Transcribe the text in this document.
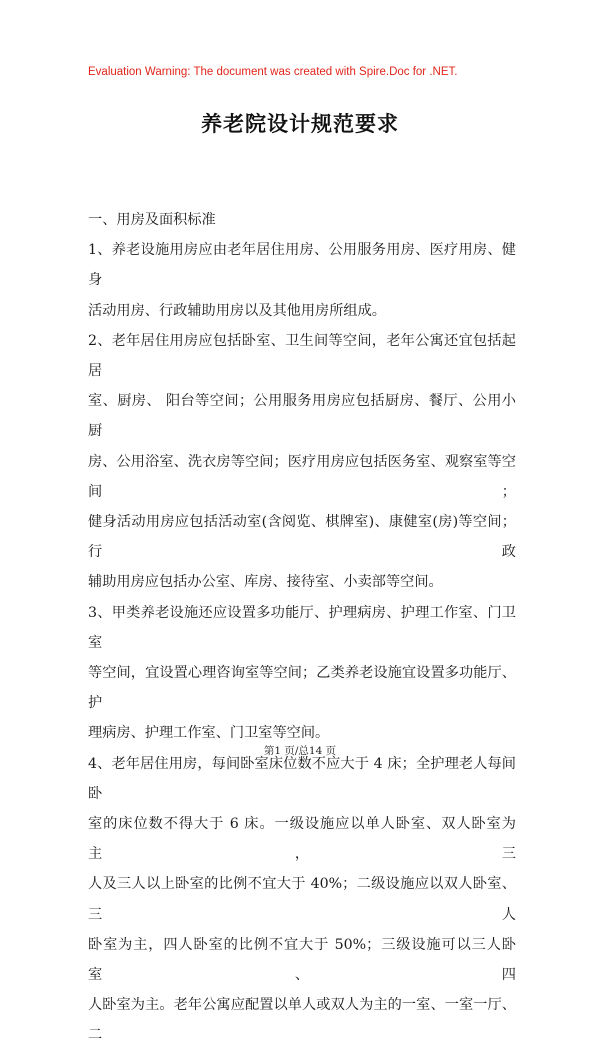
Evaluation Warning: The document was created with Spire.Doc for .NET.
养老院设计规范要求

一、用房及面积标准

1、养老设施用房应由老年居住用房、公用服务用房、医疗用房、健身

活动用房、行政辅助用房以及其他用房所组成。

2、老年居住用房应包括卧室、卫生间等空间，老年公寓还宜包括起居

室、厨房、 阳台等空间；公用服务用房应包括厨房、餐厅、公用小厨

房、公用浴室、洗衣房等空间；医疗用房应包括医务室、观察室等空间；

健身活动用房应包括活动室(含阅览、棋牌室)、康健室(房)等空间；行政

辅助用房应包括办公室、库房、接待室、小卖部等空间。

3、甲类养老设施还应设置多功能厅、护理病房、护理工作室、门卫室

等空间，宜设置心理咨询室等空间；乙类养老设施宜设置多功能厅、护

理病房、护理工作室、门卫室等空间。

4、老年居住用房，每间卧室床位数不应大于 4 床；全护理老人每间卧

室的床位数不得大于 6 床。一级设施应以单人卧室、双人卧室为主，三

人及三人以上卧室的比例不宜大于 40%；二级设施应以双人卧室、三人

卧室为主，四人卧室的比例不宜大于 50%；三级设施可以三人卧室、四

人卧室为主。老年公寓应配置以单人或双人为主的一室、一室一厅、二

第1 页/总14 页
